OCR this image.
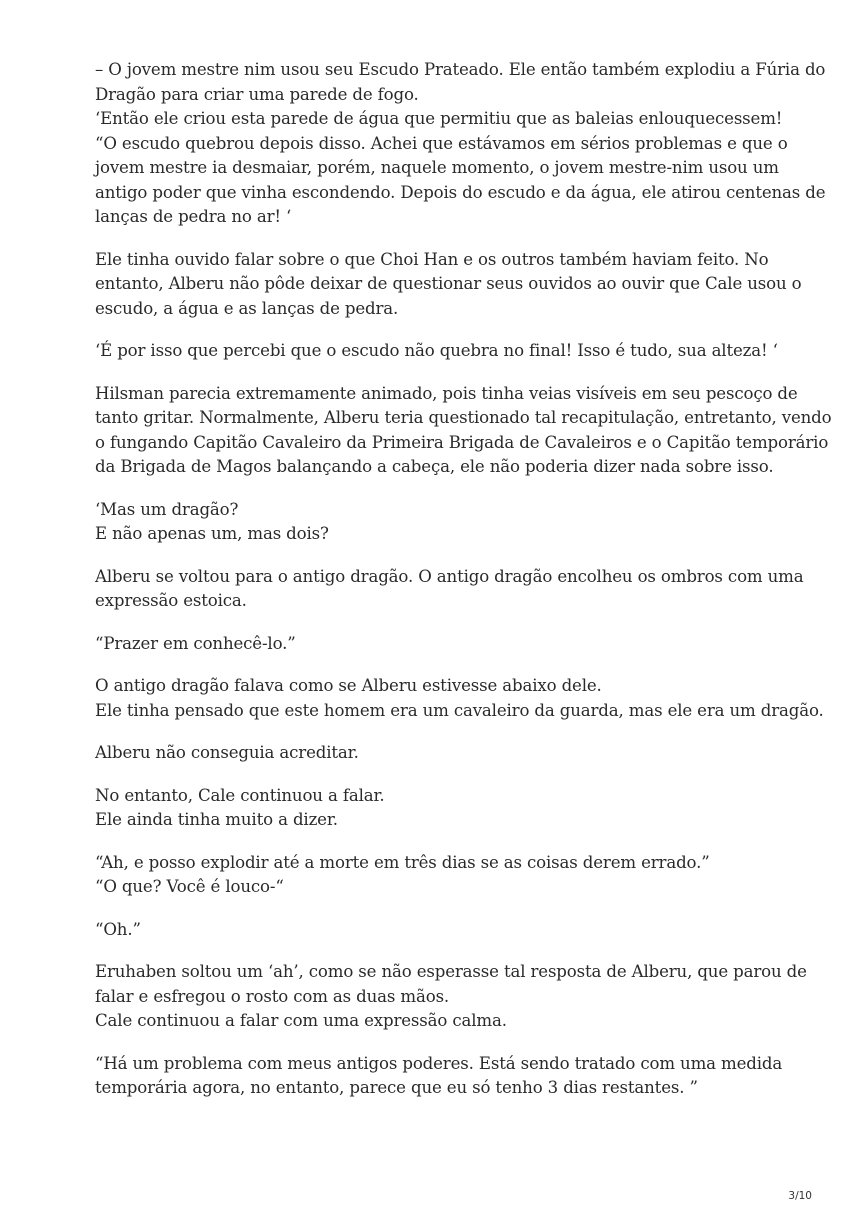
– O jovem mestre nim usou seu Escudo Prateado. Ele então também explodiu a Fúria do
Dragão para criar uma parede de fogo.
‘Então ele criou esta parede de água que permitiu que as baleias enlouquecessem!
“O escudo quebrou depois disso. Achei que estávamos em sérios problemas e que o
jovem mestre ia desmaiar, porém, naquele momento, o jovem mestre-nim usou um
antigo poder que vinha escondendo. Depois do escudo e da água, ele atirou centenas de
lanças de pedra no ar! ‘

Ele tinha ouvido falar sobre o que Choi Han e os outros também haviam feito. No
entanto, Alberu não pôde deixar de questionar seus ouvidos ao ouvir que Cale usou o
escudo, a água e as lanças de pedra.

‘É por isso que percebi que o escudo não quebra no final! Isso é tudo, sua alteza! ‘

Hilsman parecia extremamente animado, pois tinha veias visíveis em seu pescoço de
tanto gritar. Normalmente, Alberu teria questionado tal recapitulação, entretanto, vendo
o fungando Capitão Cavaleiro da Primeira Brigada de Cavaleiros e o Capitão temporário
da Brigada de Magos balançando a cabeça, ele não poderia dizer nada sobre isso.

‘Mas um dragão?
E não apenas um, mas dois?

Alberu se voltou para o antigo dragão. O antigo dragão encolheu os ombros com uma
expressão estoica.

“Prazer em conhecê-lo.”

O antigo dragão falava como se Alberu estivesse abaixo dele.
Ele tinha pensado que este homem era um cavaleiro da guarda, mas ele era um dragão.

Alberu não conseguia acreditar.

No entanto, Cale continuou a falar.
Ele ainda tinha muito a dizer.

“Ah, e posso explodir até a morte em três dias se as coisas derem errado.”
“O que? Você é louco-“

“Oh.”

Eruhaben soltou um ‘ah’, como se não esperasse tal resposta de Alberu, que parou de
falar e esfregou o rosto com as duas mãos.
Cale continuou a falar com uma expressão calma.

“Há um problema com meus antigos poderes. Está sendo tratado com uma medida
temporária agora, no entanto, parece que eu só tenho 3 dias restantes. ”

3/10
